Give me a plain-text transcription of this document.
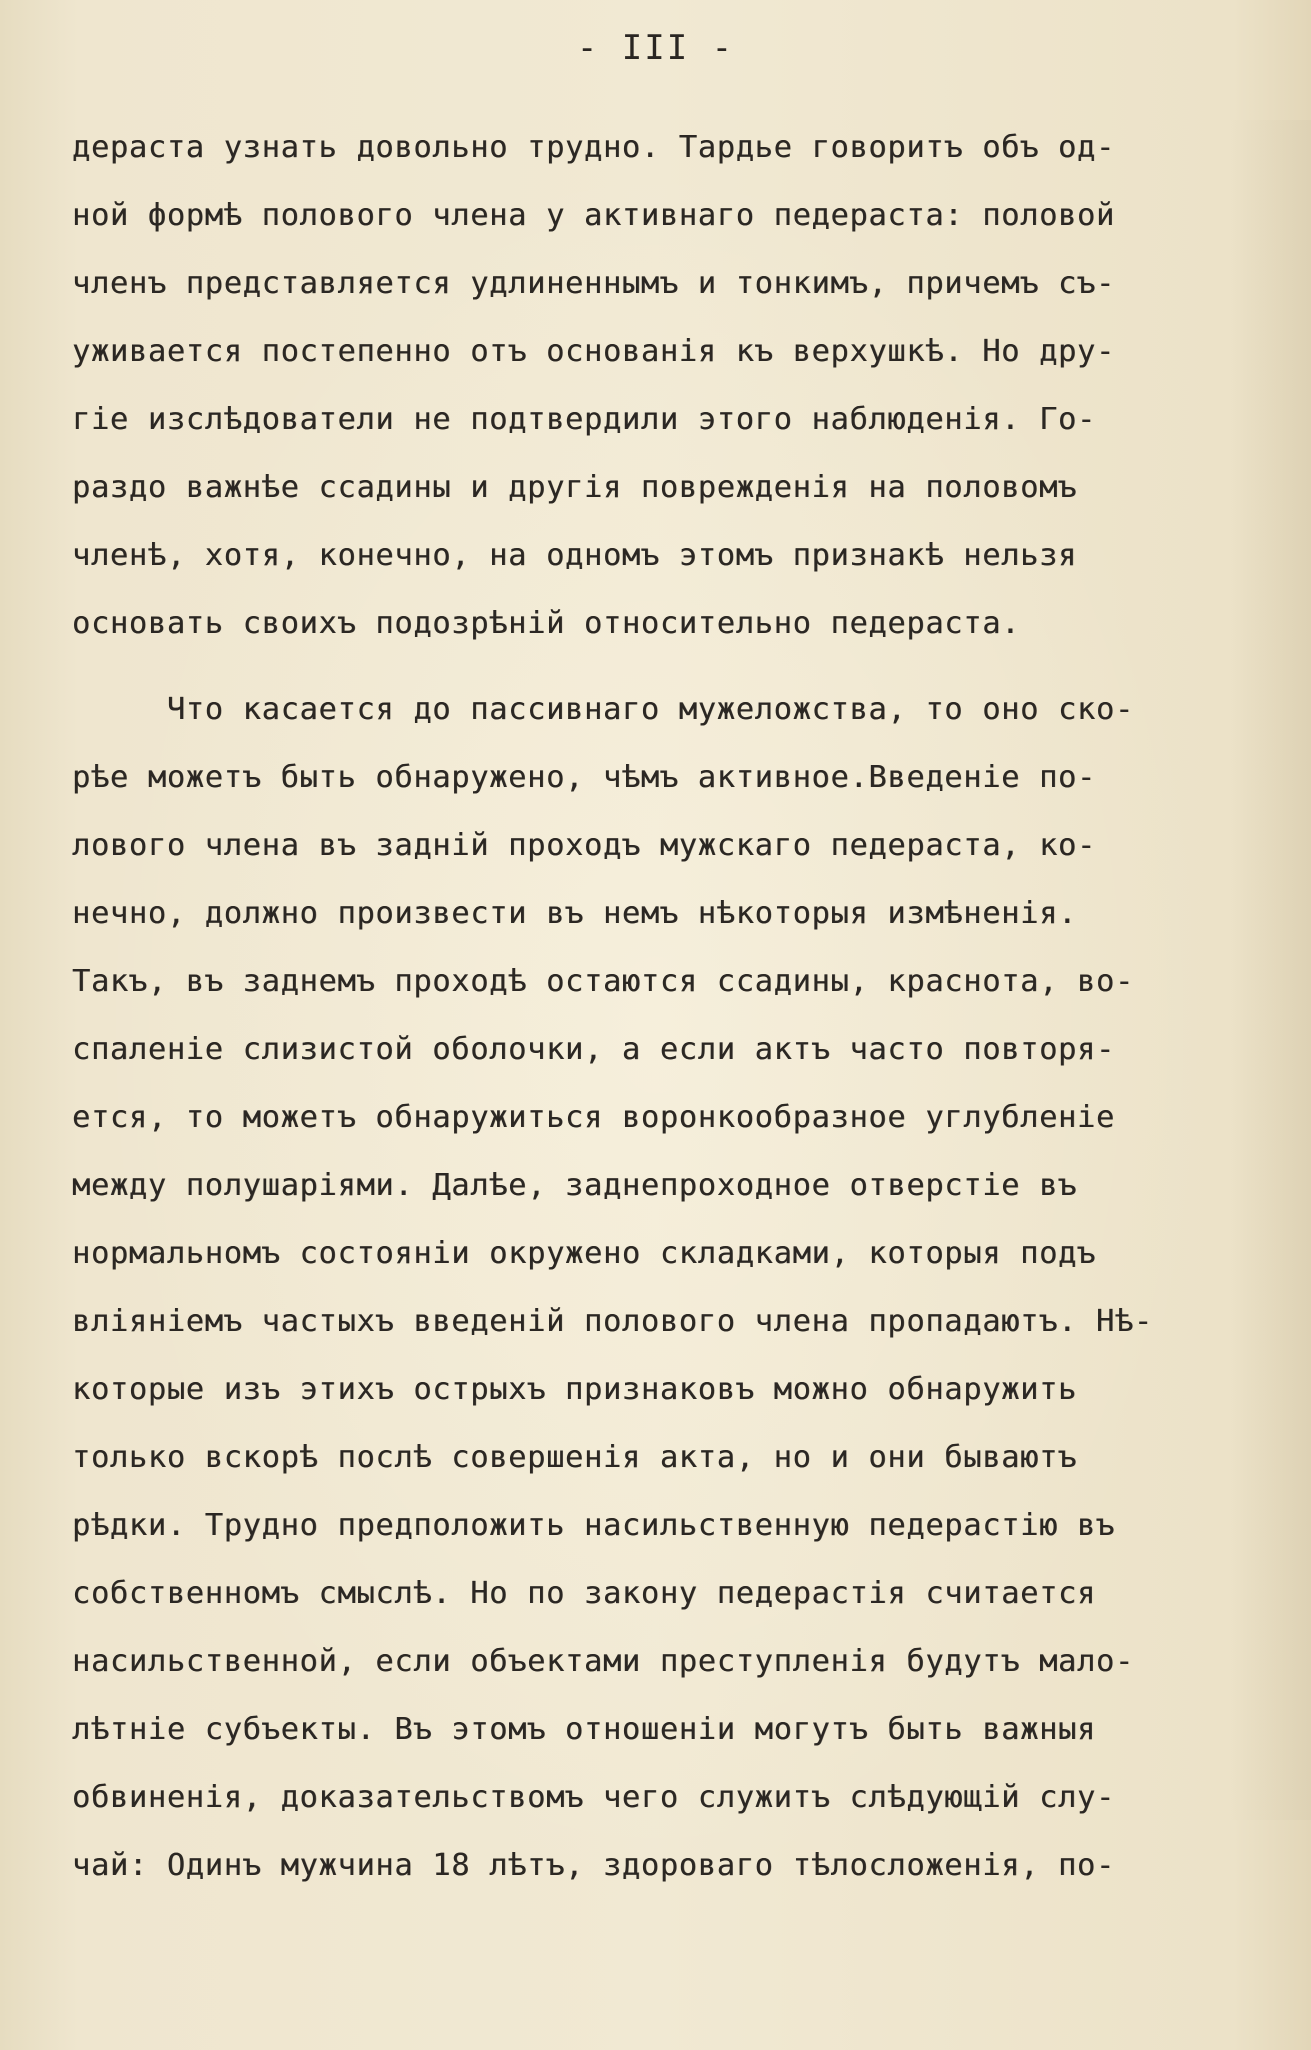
- III -
дераста узнать довольно трудно. Тардье говоритъ объ од-
ной формѣ полового члена у активнаго педераста: половой
членъ представляется удлиненнымъ и тонкимъ, причемъ съ-
уживается постепенно отъ основанія къ верхушкѣ. Но дру-
гіе изслѣдователи не подтвердили этого наблюденія. Го-
раздо важнѣе ссадины и другія поврежденія на половомъ
членѣ, хотя, конечно, на одномъ этомъ признакѣ нельзя
основать своихъ подозрѣній относительно педераста.
Что касается до пассивнаго мужеложства, то оно ско-
рѣе можетъ быть обнаружено, чѣмъ активное.Введеніе по-
лового члена въ задній проходъ мужскаго педераста, ко-
нечно, должно произвести въ немъ нѣкоторыя измѣненія.
Такъ, въ заднемъ проходѣ остаются ссадины, краснота, во-
спаленіе слизистой оболочки, а если актъ часто повторя-
ется, то можетъ обнаружиться воронкообразное углубленіе
между полушаріями. Далѣе, заднепроходное отверстіе въ
нормальномъ состояніи окружено складками, которыя подъ
вліяніемъ частыхъ введеній полового члена пропадаютъ. Нѣ-
которые изъ этихъ острыхъ признаковъ можно обнаружить
только вскорѣ послѣ совершенія акта, но и они бываютъ
рѣдки. Трудно предположить насильственную педерастію въ
собственномъ смыслѣ. Но по закону педерастія считается
насильственной, если объектами преступленія будутъ мало-
лѣтніе субъекты. Въ этомъ отношеніи могутъ быть важныя
обвиненія, доказательствомъ чего служитъ слѣдующій слу-
чай: Одинъ мужчина 18 лѣтъ, здороваго тѣлосложенія, по-
